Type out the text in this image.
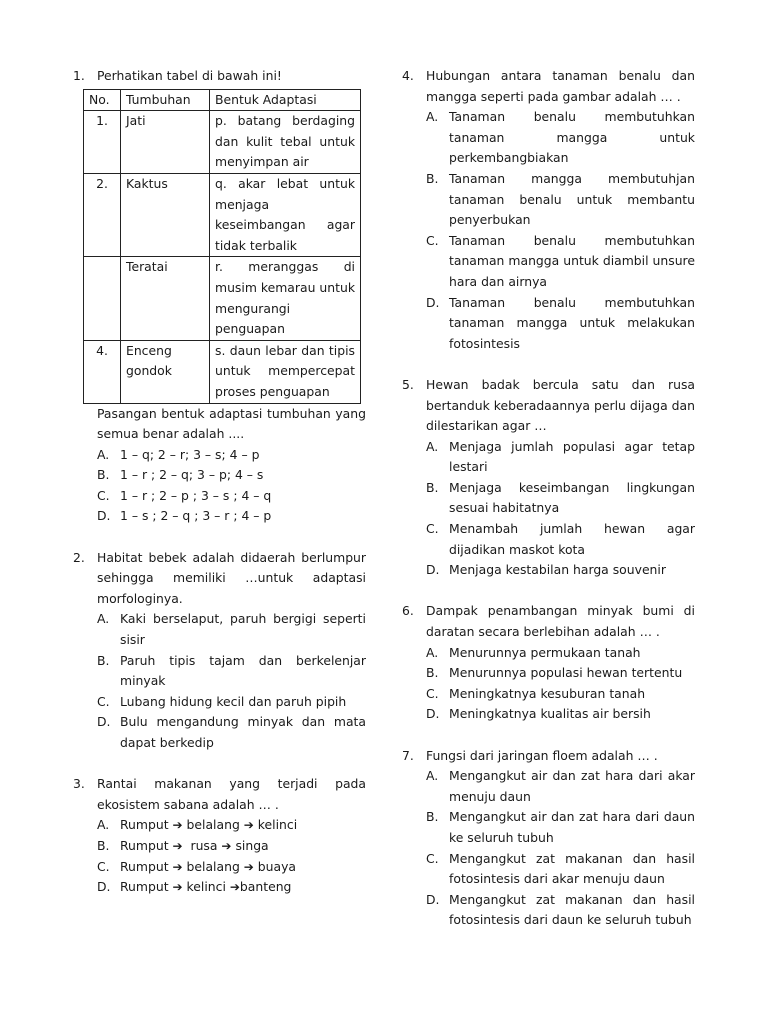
1. Perhatikan tabel di bawah ini!
No.	Tumbuhan	Bentuk Adaptasi
1.	Jati	p. batang berdaging dan kulit tebal untuk menyimpan air
2.	Kaktus	q. akar lebat untuk menjaga keseimbangan agar tidak terbalik
	Teratai	r. meranggas di musim kemarau untuk mengurangi penguapan
4.	Enceng gondok	s. daun lebar dan tipis untuk mempercepat proses penguapan
Pasangan bentuk adaptasi tumbuhan yang semua benar adalah ....
A. 1 – q; 2 – r; 3 – s; 4 – p
B. 1 – r ; 2 – q; 3 – p; 4 – s
C. 1 – r ; 2 – p ; 3 – s ; 4 – q
D. 1 – s ; 2 – q ; 3 – r ; 4 – p
2. Habitat bebek adalah didaerah berlumpur sehingga memiliki …untuk adaptasi morfologinya.
A. Kaki berselaput, paruh bergigi seperti sisir
B. Paruh tipis tajam dan berkelenjar minyak
C. Lubang hidung kecil dan paruh pipih
D. Bulu mengandung minyak dan mata dapat berkedip
3. Rantai makanan yang terjadi pada ekosistem sabana adalah … .
A. Rumput ➔ belalang ➔ kelinci
B. Rumput ➔ rusa ➔ singa
C. Rumput ➔ belalang ➔ buaya
D. Rumput ➔ kelinci ➔banteng
4. Hubungan antara tanaman benalu dan mangga seperti pada gambar adalah … .
A. Tanaman benalu membutuhkan tanaman mangga untuk perkembangbiakan
B. Tanaman mangga membutuhjan tanaman benalu untuk membantu penyerbukan
C. Tanaman benalu membutuhkan tanaman mangga untuk diambil unsure hara dan airnya
D. Tanaman benalu membutuhkan tanaman mangga untuk melakukan fotosintesis
5. Hewan badak bercula satu dan rusa bertanduk keberadaannya perlu dijaga dan dilestarikan agar …
A. Menjaga jumlah populasi agar tetap lestari
B. Menjaga keseimbangan lingkungan sesuai habitatnya
C. Menambah jumlah hewan agar dijadikan maskot kota
D. Menjaga kestabilan harga souvenir
6. Dampak penambangan minyak bumi di daratan secara berlebihan adalah … .
A. Menurunnya permukaan tanah
B. Menurunnya populasi hewan tertentu
C. Meningkatnya kesuburan tanah
D. Meningkatnya kualitas air bersih
7. Fungsi dari jaringan floem adalah … .
A. Mengangkut air dan zat hara dari akar menuju daun
B. Mengangkut air dan zat hara dari daun ke seluruh tubuh
C. Mengangkut zat makanan dan hasil fotosintesis dari akar menuju daun
D. Mengangkut zat makanan dan hasil fotosintesis dari daun ke seluruh tubuh
